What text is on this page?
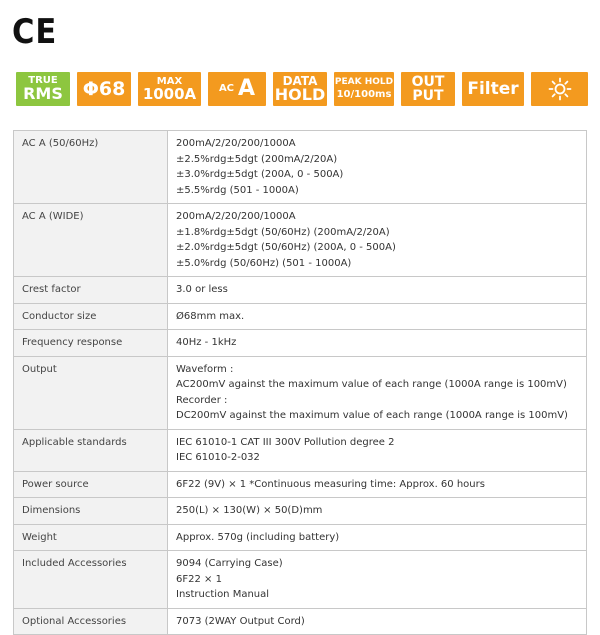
CE
TRUE
RMS Φ68	MAX
1000A AC A DATA
HOLD
PEAK HOLD
10/100ms
OUT
PUT Filter
AC A (50/60Hz)	200mA/2/20/200/1000A
±2.5%rdg±5dgt (200mA/2/20A)
±3.0%rdg±5dgt (200A, 0 - 500A)
±5.5%rdg (501 - 1000A)

AC A (WIDE)	200mA/2/20/200/1000A
±1.8%rdg±5dgt (50/60Hz) (200mA/2/20A)
±2.0%rdg±5dgt (50/60Hz) (200A, 0 - 500A)
±5.0%rdg (50/60Hz) (501 - 1000A)

Crest factor	3.0 or less

Conductor size	Ø68mm max.

Frequency response	40Hz - 1kHz

Output	Waveform :
AC200mV against the maximum value of each range (1000A range is 100mV)
Recorder :
DC200mV against the maximum value of each range (1000A range is 100mV)

Applicable standards	IEC 61010-1 CAT III 300V Pollution degree 2
IEC 61010-2-032

Power source	6F22 (9V) × 1 *Continuous measuring time: Approx. 60 hours

Dimensions	250(L) × 130(W) × 50(D)mm

Weight	Approx. 570g (including battery)

Included Accessories	9094 (Carrying Case)
6F22 × 1
Instruction Manual

Optional Accessories	7073 (2WAY Output Cord)
